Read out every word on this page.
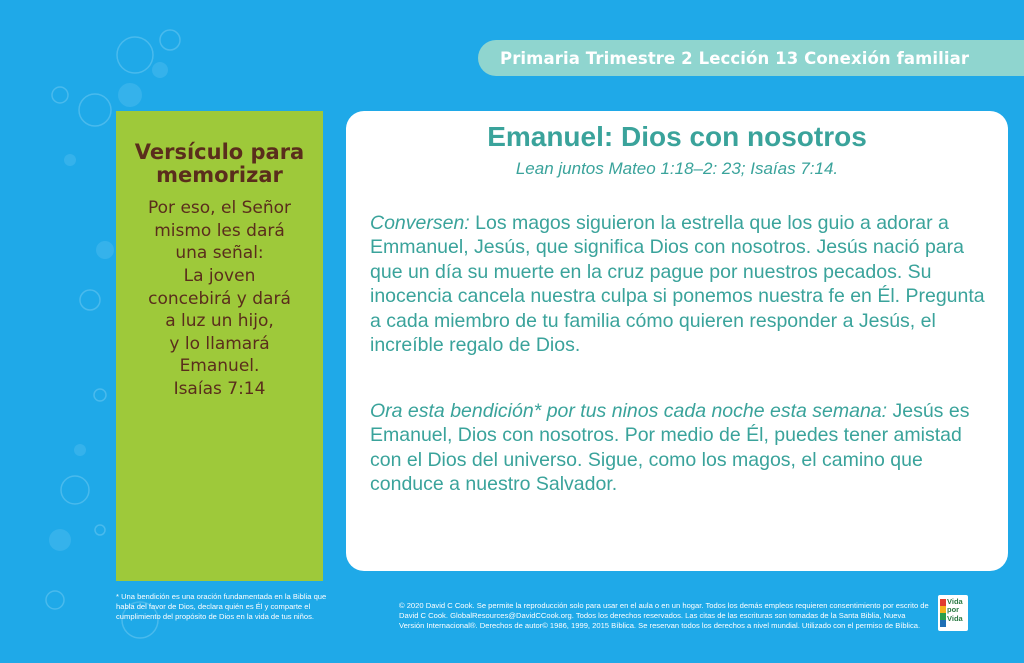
Primaria Trimestre 2 Lección 13 Conexión familiar
Versículo para memorizar
Por eso, el Señor
mismo les dará
una señal:
La joven
concebirá y dará
a luz un hijo,
y lo llamará
Emanuel.
Isaías 7:14
Emanuel: Dios con nosotros
Lean juntos Mateo 1:18–2: 23; Isaías 7:14.
Conversen: Los magos siguieron la estrella que los guio a adorar a Emmanuel, Jesús, que significa Dios con nosotros. Jesús nació para que un día su muerte en la cruz pague por nuestros pecados. Su inocencia cancela nuestra culpa si ponemos nuestra fe en Él. Pregunta a cada miembro de tu familia cómo quieren responder a Jesús, el increíble regalo de Dios.
Ora esta bendición* por tus ninos cada noche esta semana: Jesús es Emanuel, Dios con nosotros. Por medio de Él, puedes tener amistad con el Dios del universo. Sigue, como los magos, el camino que conduce a nuestro Salvador.
* Una bendición es una oración fundamentada en la Biblia que habla del favor de Dios, declara quién es Él y comparte el cumplimiento del propósito de Dios en la vida de tus niños.
© 2020 David C Cook. Se permite la reproducción solo para usar en el aula o en un hogar. Todos los demás empleos requieren consentimiento por escrito de David C Cook. GlobalResources@DavidCCook.org. Todos los derechos reservados. Las citas de las escrituras son tomadas de la Santa Biblia, Nueva Versión Internacional®. Derechos de autor© 1986, 1999, 2015 Bíblica. Se reservan todos los derechos a nivel mundial. Utilizado con el permiso de Bíblica.
Vida
por
Vida
